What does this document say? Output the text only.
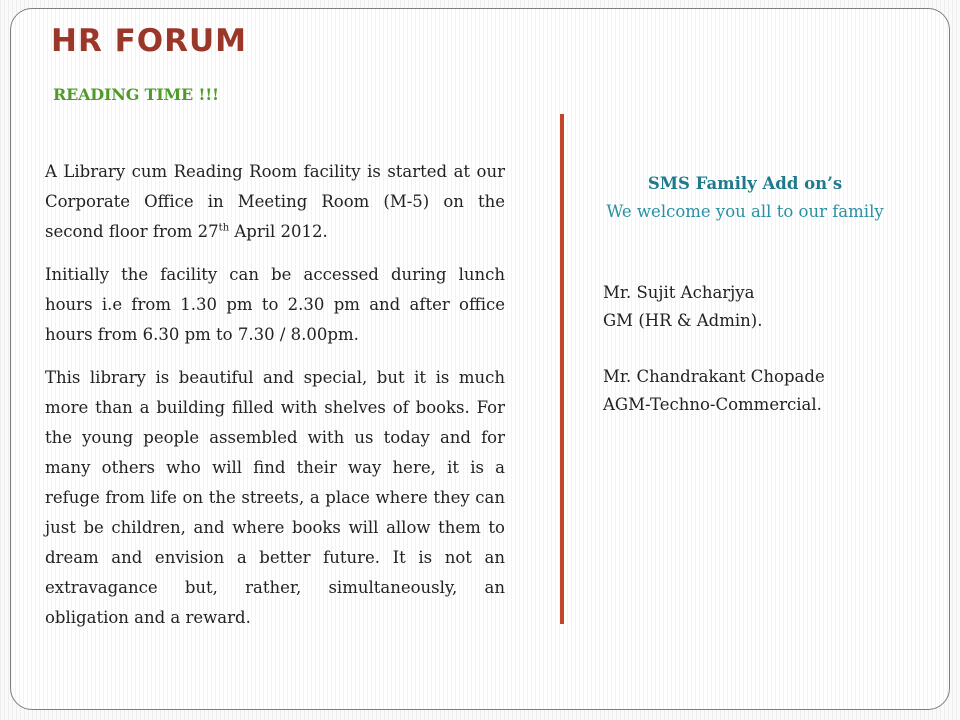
HR FORUM
READING TIME !!!

A Library cum Reading Room facility is started at our Corporate Office in Meeting Room (M-5) on the second floor from 27th April 2012.

Initially the facility can be accessed during lunch hours i.e from 1.30 pm to 2.30 pm and after office hours from 6.30 pm to 7.30 / 8.00pm.

This library is beautiful and special, but it is much more than a building filled with shelves of books. For the young people assembled with us today and for many others who will find their way here, it is a refuge from life on the streets, a place where they can just be children, and where books will allow them to dream and envision a better future. It is not an extravagance but, rather, simultaneously, an obligation and a reward.

SMS Family Add on’s
We welcome you all to our family
Mr. Sujit Acharjya
GM (HR & Admin).
Mr. Chandrakant Chopade
AGM-Techno-Commercial.
